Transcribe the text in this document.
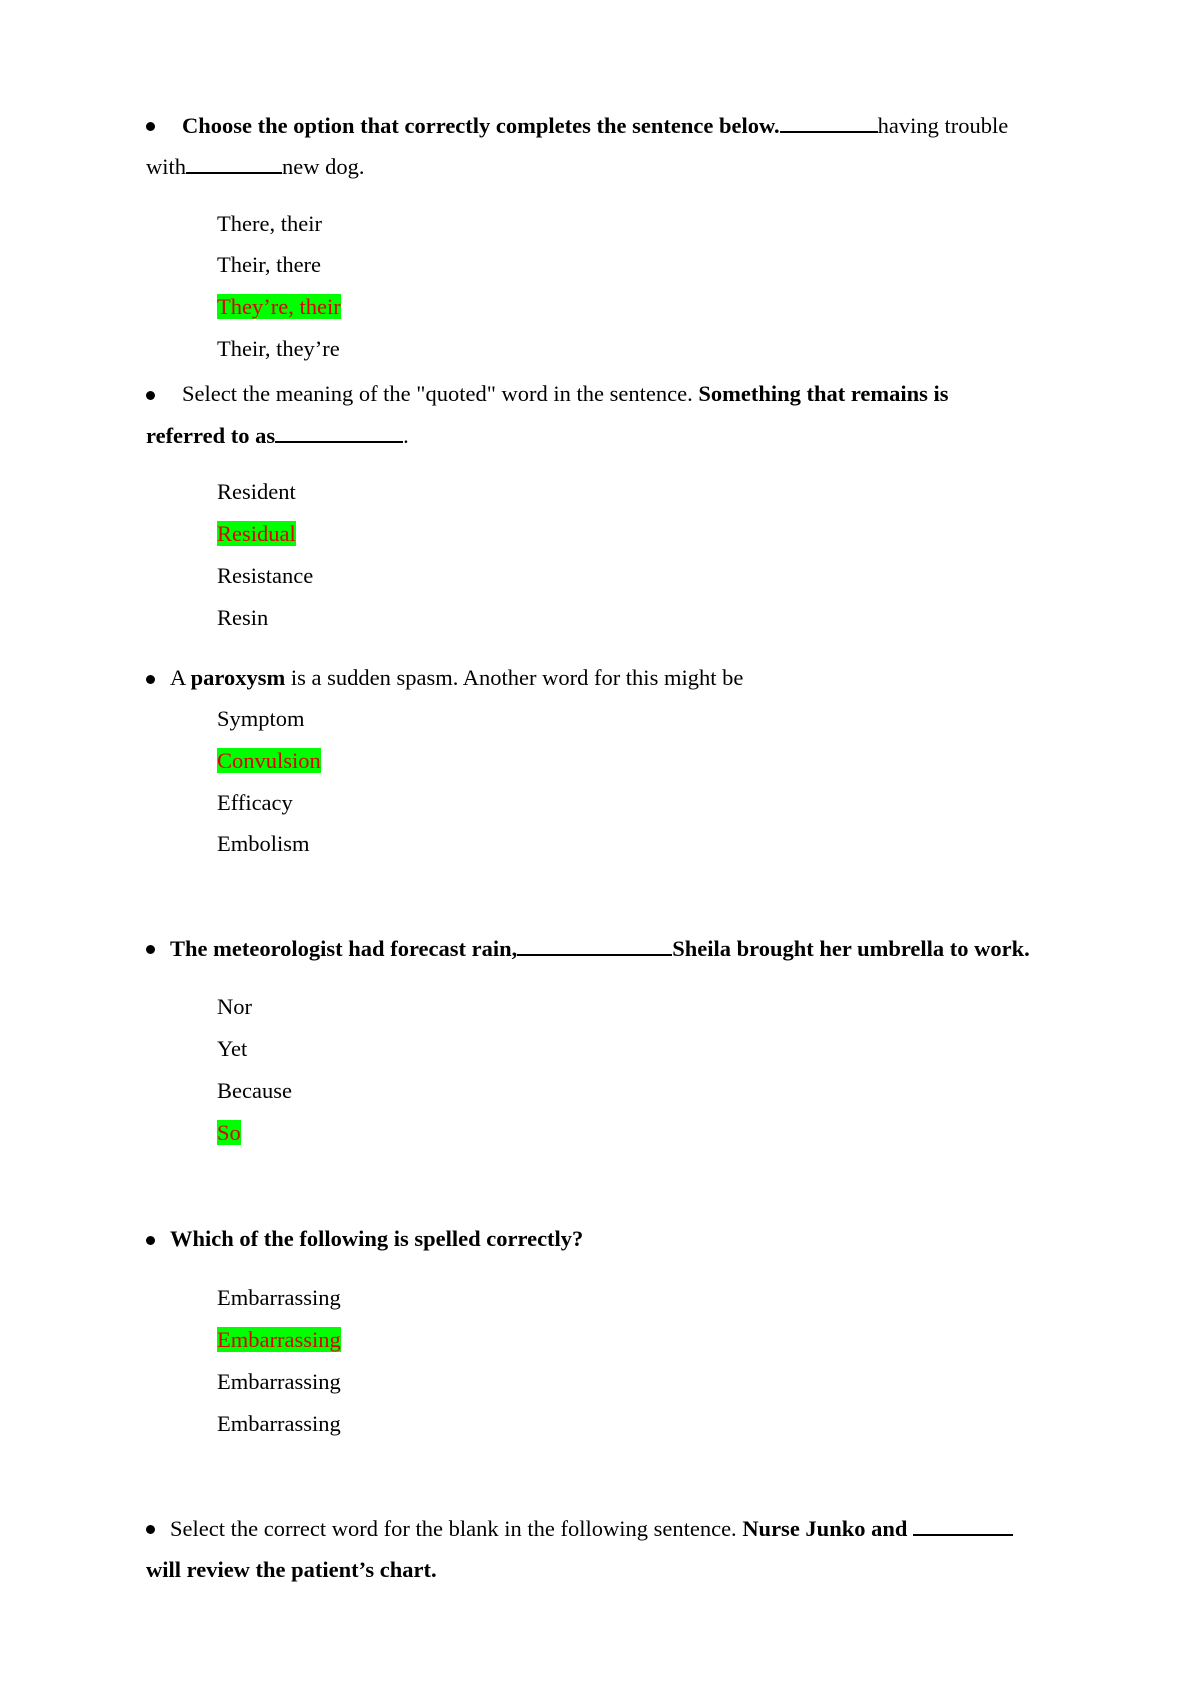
Choose the option that correctly completes the sentence below.	having trouble
with	new dog.
There, their
Their, there
They’re, their
Their, they’re
Select the meaning of the "quoted" word in the sentence. Something that remains is
referred to as	.
Resident
Residual
Resistance
Resin
A paroxysm is a sudden spasm. Another word for this might be
Symptom
Convulsion
Efficacy
Embolism
The meteorologist had forecast rain,	Sheila brought her umbrella to work.
Nor
Yet
Because
So
Which of the following is spelled correctly?
Embarrassing
Embarrassing
Embarrassing
Embarrassing
Select the correct word for the blank in the following sentence. Nurse Junko and
will review the patient’s chart.
